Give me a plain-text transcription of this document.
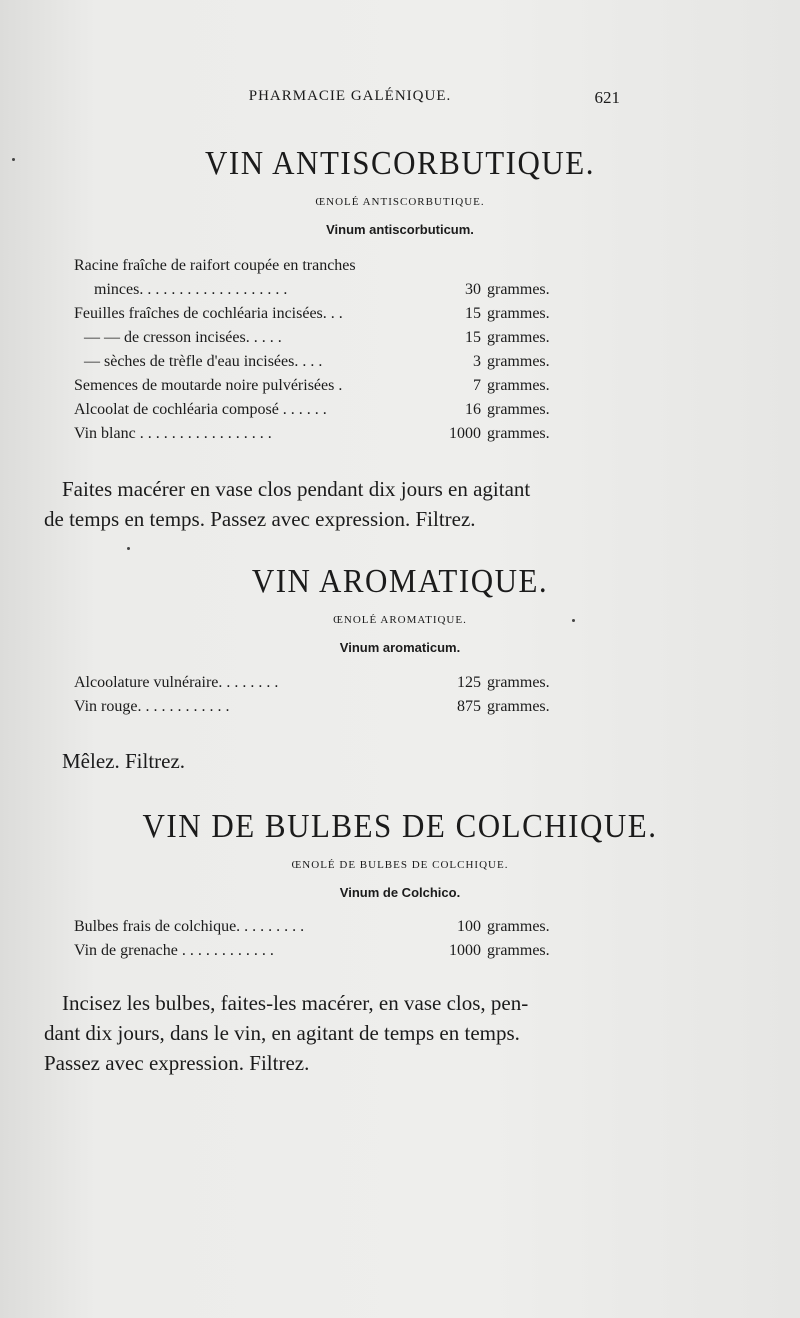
PHARMACIE GALÉNIQUE.	621
VIN ANTISCORBUTIQUE.
ŒNOLÉ ANTISCORBUTIQUE.
Vinum antiscorbuticum.
Racine fraîche de raifort coupée en tranches
minces. . . . . . . . . . . . . . . . . . .	30 grammes.
Feuilles fraîches de cochléaria incisées. . .	15 grammes.
— — de cresson incisées. . . . .	15 grammes.
— sèches de trèfle d'eau incisées. . . .	3 grammes.
Semences de moutarde noire pulvérisées .	7 grammes.
Alcoolat de cochléaria composé . . . . . .	16 grammes.
Vin blanc . . . . . . . . . . . . . . . . .	1000 grammes.
Faites macérer en vase clos pendant dix jours en agitant
de temps en temps. Passez avec expression. Filtrez.
VIN AROMATIQUE.
ŒNOLÉ AROMATIQUE.
Vinum aromaticum.
Alcoolature vulnéraire. . . . . . . .	125 grammes.
Vin rouge. . . . . . . . . . . .	875 grammes.
Mêlez. Filtrez.
VIN DE BULBES DE COLCHIQUE.
ŒNOLÉ DE BULBES DE COLCHIQUE.
Vinum de Colchico.
Bulbes frais de colchique. . . . . . . . .	100 grammes.
Vin de grenache . . . . . . . . . . . .	1000 grammes.
Incisez les bulbes, faites-les macérer, en vase clos, pen-
dant dix jours, dans le vin, en agitant de temps en temps.
Passez avec expression. Filtrez.
